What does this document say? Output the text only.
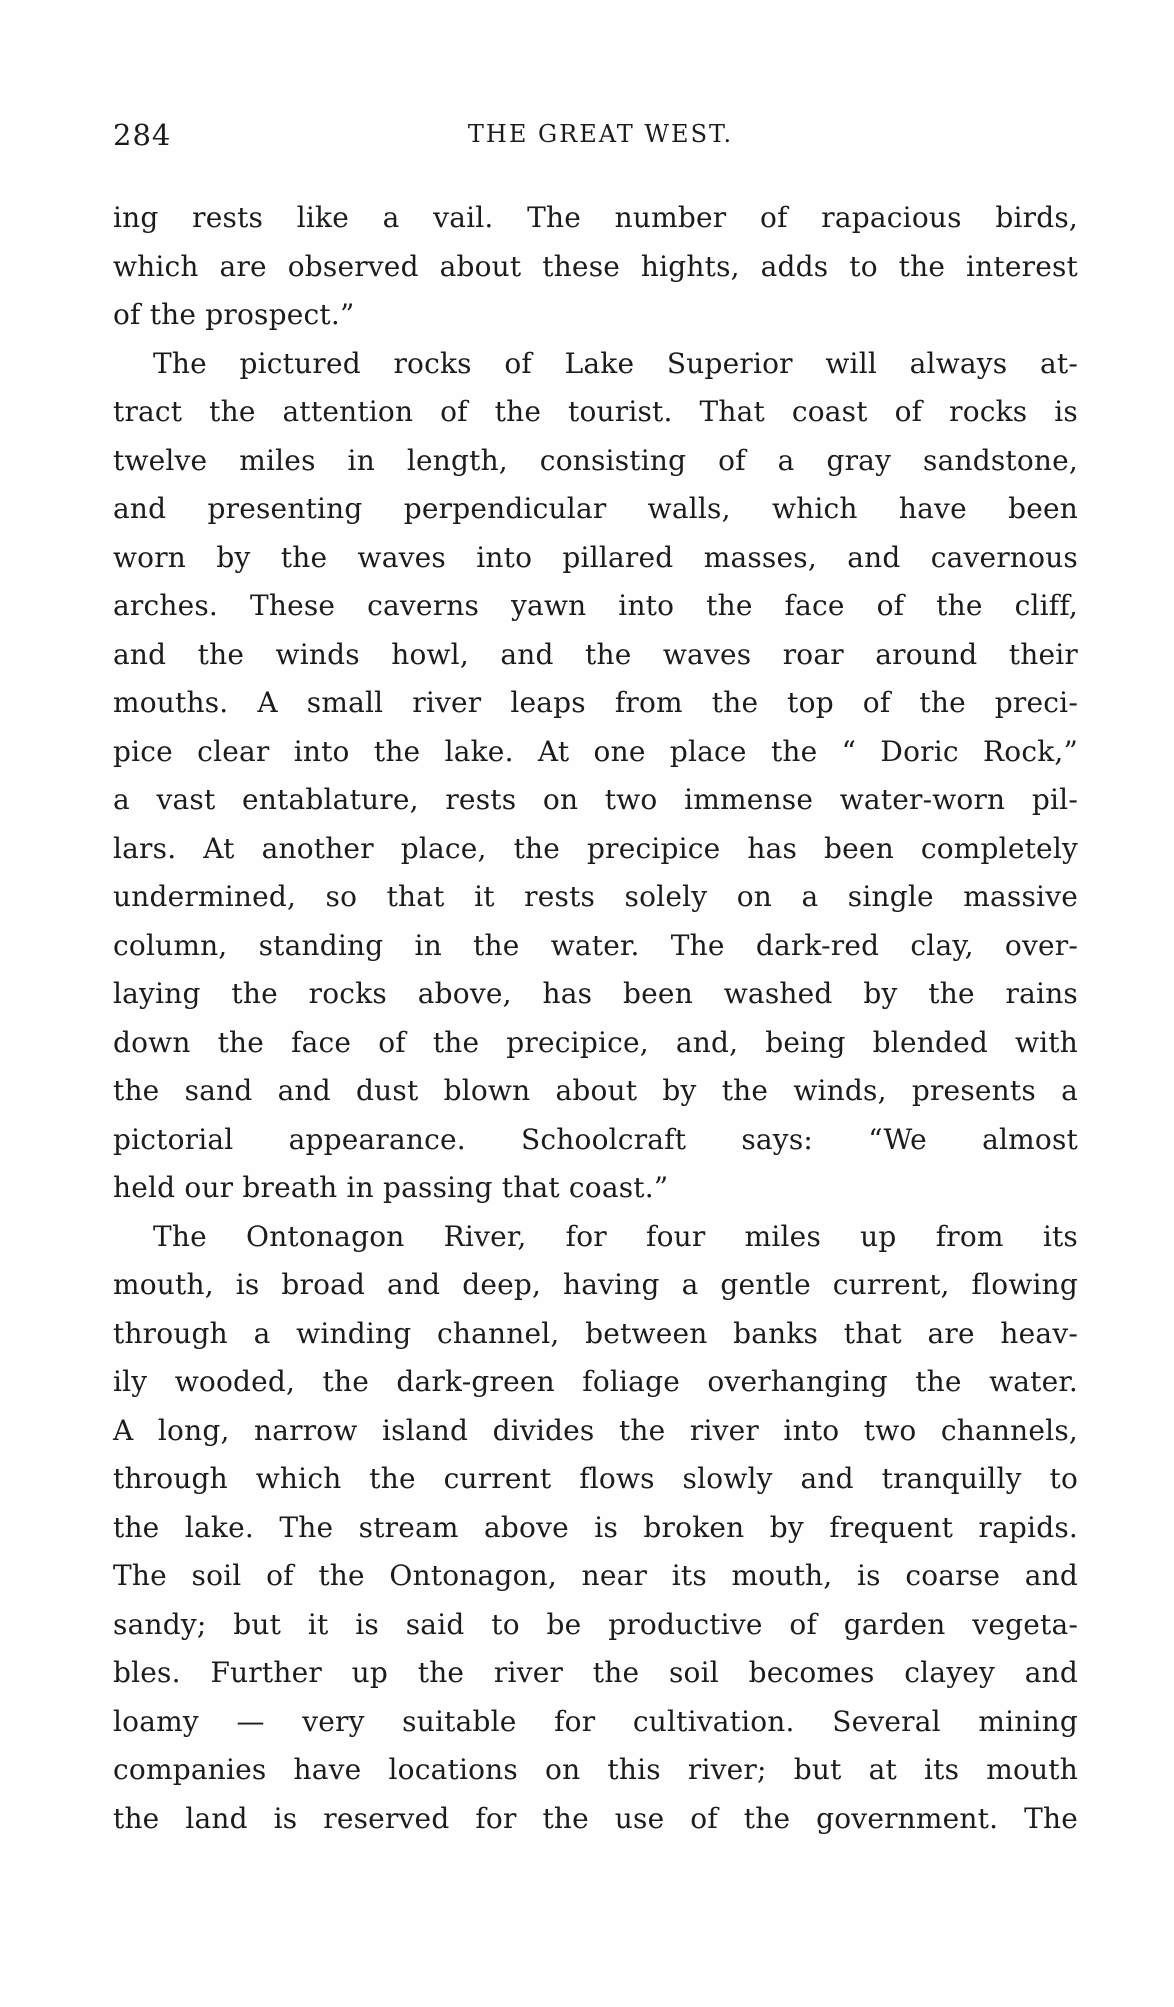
284	THE GREAT WEST.
ing rests like a vail. The number of rapacious birds,
which are observed about these hights, adds to the interest
of the prospect.”
The pictured rocks of Lake Superior will always at-
tract the attention of the tourist. That coast of rocks is
twelve miles in length, consisting of a gray sandstone,
and presenting perpendicular walls, which have been
worn by the waves into pillared masses, and cavernous
arches. These caverns yawn into the face of the cliff,
and the winds howl, and the waves roar around their
mouths. A small river leaps from the top of the preci-
pice clear into the lake. At one place the “ Doric Rock,”
a vast entablature, rests on two immense water-worn pil-
lars. At another place, the precipice has been completely
undermined, so that it rests solely on a single massive
column, standing in the water. The dark-red clay, over-
laying the rocks above, has been washed by the rains
down the face of the precipice, and, being blended with
the sand and dust blown about by the winds, presents a
pictorial appearance. Schoolcraft says: “We almost
held our breath in passing that coast.”
The Ontonagon River, for four miles up from its
mouth, is broad and deep, having a gentle current, flowing
through a winding channel, between banks that are heav-
ily wooded, the dark-green foliage overhanging the water.
A long, narrow island divides the river into two channels,
through which the current flows slowly and tranquilly to
the lake. The stream above is broken by frequent rapids.
The soil of the Ontonagon, near its mouth, is coarse and
sandy; but it is said to be productive of garden vegeta-
bles. Further up the river the soil becomes clayey and
loamy — very suitable for cultivation. Several mining
companies have locations on this river; but at its mouth
the land is reserved for the use of the government. The
